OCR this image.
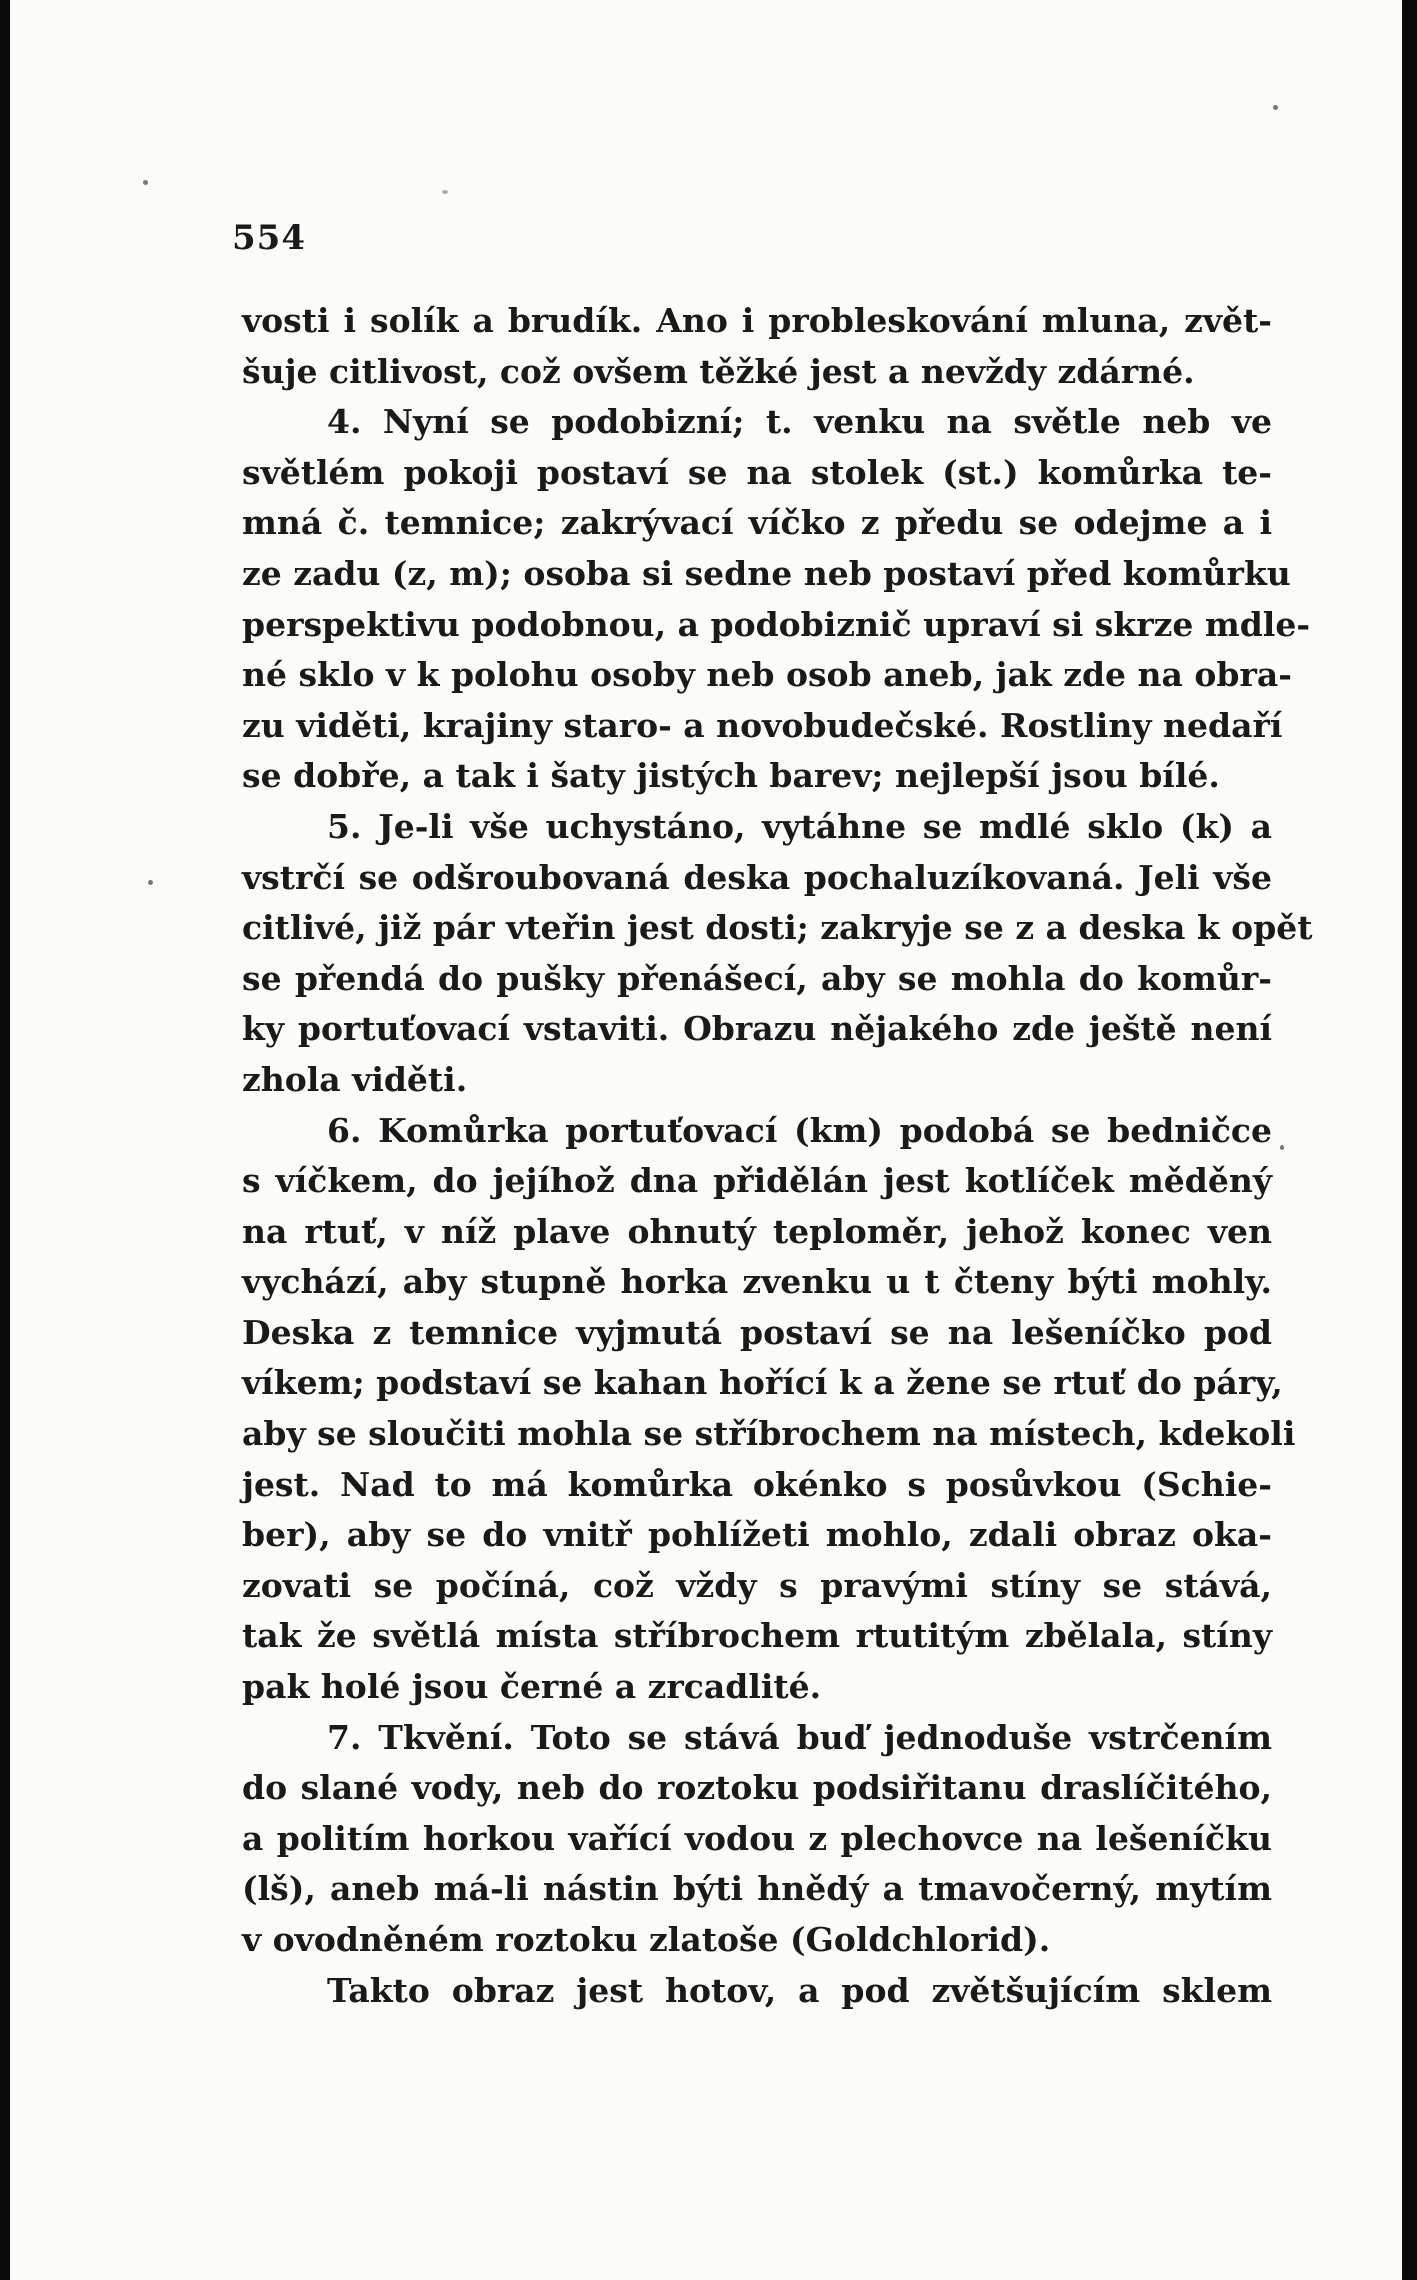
554
vosti i solík a brudík. Ano i probleskování mluna, zvět-
šuje citlivost, což ovšem těžké jest a nevždy zdárné.
4. Nyní se podobizní; t. venku na světle neb ve
světlém pokoji postaví se na stolek (st.) komůrka te-
mná č. temnice; zakrývací víčko z předu se odejme a i
ze zadu (z, m); osoba si sedne neb postaví před komůrku
perspektivu podobnou, a podobiznič upraví si skrze mdle-
né sklo v k polohu osoby neb osob aneb, jak zde na obra-
zu viděti, krajiny staro- a novobudečské. Rostliny nedaří
se dobře, a tak i šaty jistých barev; nejlepší jsou bílé.
5. Je-li vše uchystáno, vytáhne se mdlé sklo (k) a
vstrčí se odšroubovaná deska pochaluzíkovaná. Jeli vše
citlivé, již pár vteřin jest dosti; zakryje se z a deska k opět
se přendá do pušky přenášecí, aby se mohla do komůr-
ky portuťovací vstaviti. Obrazu nějakého zde ještě není
zhola viděti.
6. Komůrka portuťovací (km) podobá se bedničce
s víčkem, do jejíhož dna přidělán jest kotlíček měděný
na rtuť, v níž plave ohnutý teploměr, jehož konec ven
vychází, aby stupně horka zvenku u t čteny býti mohly.
Deska z temnice vyjmutá postaví se na lešeníčko pod
víkem; podstaví se kahan hořící k a žene se rtuť do páry,
aby se sloučiti mohla se stříbrochem na místech, kdekoli
jest. Nad to má komůrka okénko s posůvkou (Schie-
ber), aby se do vnitř pohlížeti mohlo, zdali obraz oka-
zovati se počíná, což vždy s pravými stíny se stává,
tak že světlá místa stříbrochem rtutitým zbělala, stíny
pak holé jsou černé a zrcadlité.
7. Tkvění. Toto se stává buď jednoduše vstrčením
do slané vody, neb do roztoku podsiřitanu draslíčitého,
a politím horkou vařící vodou z plechovce na lešeníčku
(lš), aneb má-li nástin býti hnědý a tmavočerný, mytím
v ovodněném roztoku zlatoše (Goldchlorid).
Takto obraz jest hotov, a pod zvětšujícím sklem
